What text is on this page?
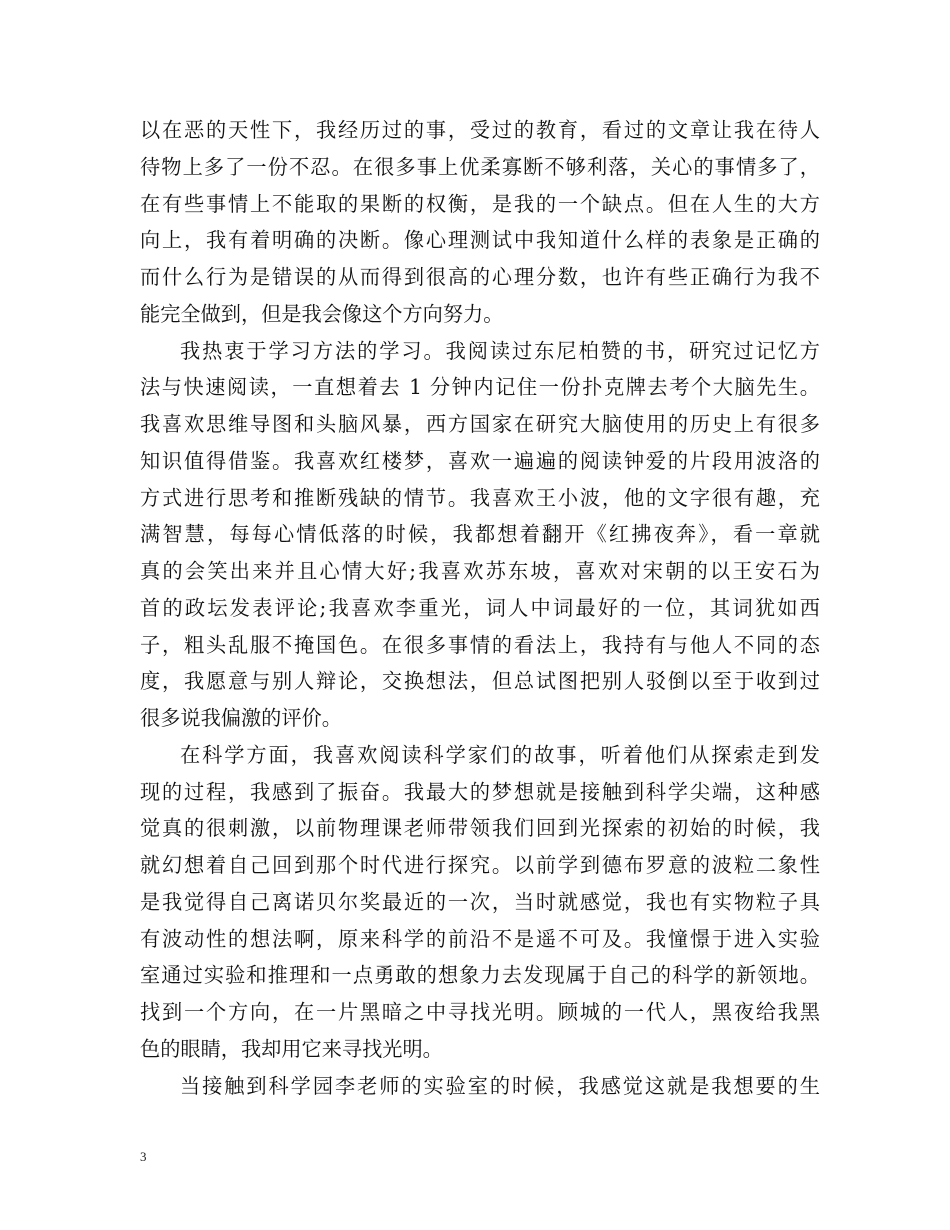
以在恶的天性下，我经历过的事，受过的教育，看过的文章让我在待人
待物上多了一份不忍。在很多事上优柔寡断不够利落，关心的事情多了，
在有些事情上不能取的果断的权衡，是我的一个缺点。但在人生的大方
向上，我有着明确的决断。像心理测试中我知道什么样的表象是正确的
而什么行为是错误的从而得到很高的心理分数，也许有些正确行为我不
能完全做到，但是我会像这个方向努力。
我热衷于学习方法的学习。我阅读过东尼柏赞的书，研究过记忆方
法与快速阅读，一直想着去 1 分钟内记住一份扑克牌去考个大脑先生。
我喜欢思维导图和头脑风暴，西方国家在研究大脑使用的历史上有很多
知识值得借鉴。我喜欢红楼梦，喜欢一遍遍的阅读钟爱的片段用波洛的
方式进行思考和推断残缺的情节。我喜欢王小波，他的文字很有趣，充
满智慧，每每心情低落的时候，我都想着翻开《红拂夜奔》，看一章就
真的会笑出来并且心情大好;我喜欢苏东坡，喜欢对宋朝的以王安石为
首的政坛发表评论;我喜欢李重光，词人中词最好的一位，其词犹如西
子，粗头乱服不掩国色。在很多事情的看法上，我持有与他人不同的态
度，我愿意与别人辩论，交换想法，但总试图把别人驳倒以至于收到过
很多说我偏激的评价。
在科学方面，我喜欢阅读科学家们的故事，听着他们从探索走到发
现的过程，我感到了振奋。我最大的梦想就是接触到科学尖端，这种感
觉真的很刺激，以前物理课老师带领我们回到光探索的初始的时候，我
就幻想着自己回到那个时代进行探究。以前学到德布罗意的波粒二象性
是我觉得自己离诺贝尔奖最近的一次，当时就感觉，我也有实物粒子具
有波动性的想法啊，原来科学的前沿不是遥不可及。我憧憬于进入实验
室通过实验和推理和一点勇敢的想象力去发现属于自己的科学的新领地。
找到一个方向，在一片黑暗之中寻找光明。顾城的一代人，黑夜给我黑
色的眼睛，我却用它来寻找光明。
当接触到科学园李老师的实验室的时候，我感觉这就是我想要的生
3
